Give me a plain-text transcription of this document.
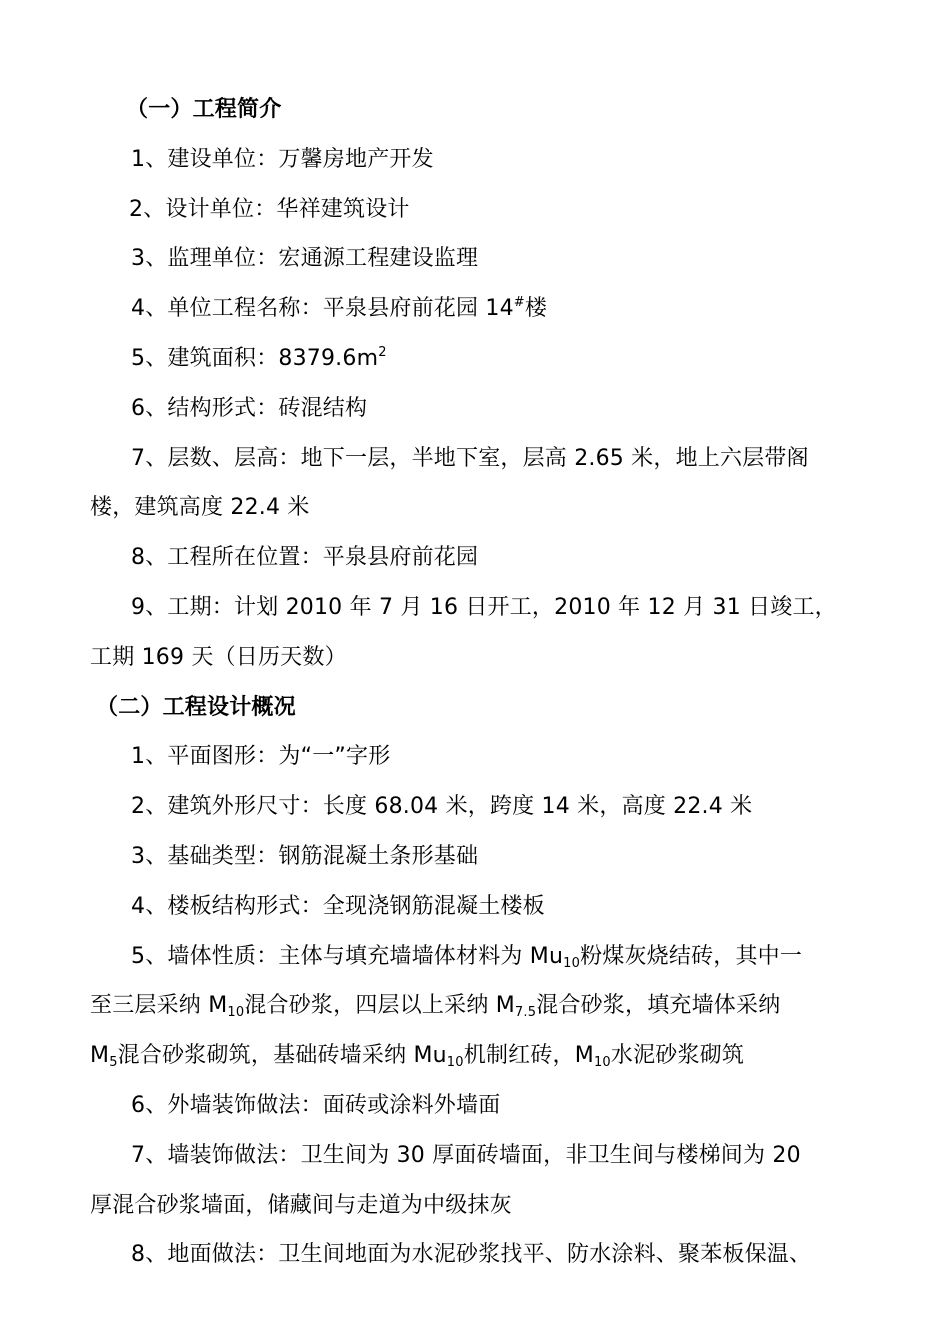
（一）工程简介
1、建设单位：万馨房地产开发
2、设计单位：华祥建筑设计
3、监理单位：宏通源工程建设监理
4、单位工程名称：平泉县府前花园 14#楼
5、建筑面积：$8379.6m^2$
6、结构形式：砖混结构
7、层数、层高：地下一层，半地下室，层高 2.65 米，地上六层带阁
楼，建筑高度 22.4 米
8、工程所在位置：平泉县府前花园
9、工期：计划 2010 年 7 月 16 日开工，2010 年 12 月 31 日竣工，
工期 169 天（日历天数）
（二）工程设计概况
1、平面图形：为“一”字形
2、建筑外形尺寸：长度 68.04 米，跨度 14 米，高度 22.4 米
3、基础类型：钢筋混凝土条形基础
4、楼板结构形式：全现浇钢筋混凝土楼板
5、墙体性质：主体与填充墙墙体材料为 $Mu_{10}$粉煤灰烧结砖，其中一
至三层采纳 $M_{10}$混合砂浆，四层以上采纳 $M_{7.5}$混合砂浆，填充墙体采纳
$M_5$混合砂浆砌筑，基础砖墙采纳 $Mu_{10}$机制红砖，$M_{10}$水泥砂浆砌筑
6、外墙装饰做法：面砖或涂料外墙面
7、墙装饰做法：卫生间为 30 厚面砖墙面，非卫生间与楼梯间为 20
厚混合砂浆墙面，储藏间与走道为中级抹灰
8、地面做法：卫生间地面为水泥砂浆找平、防水涂料、聚苯板保温、
